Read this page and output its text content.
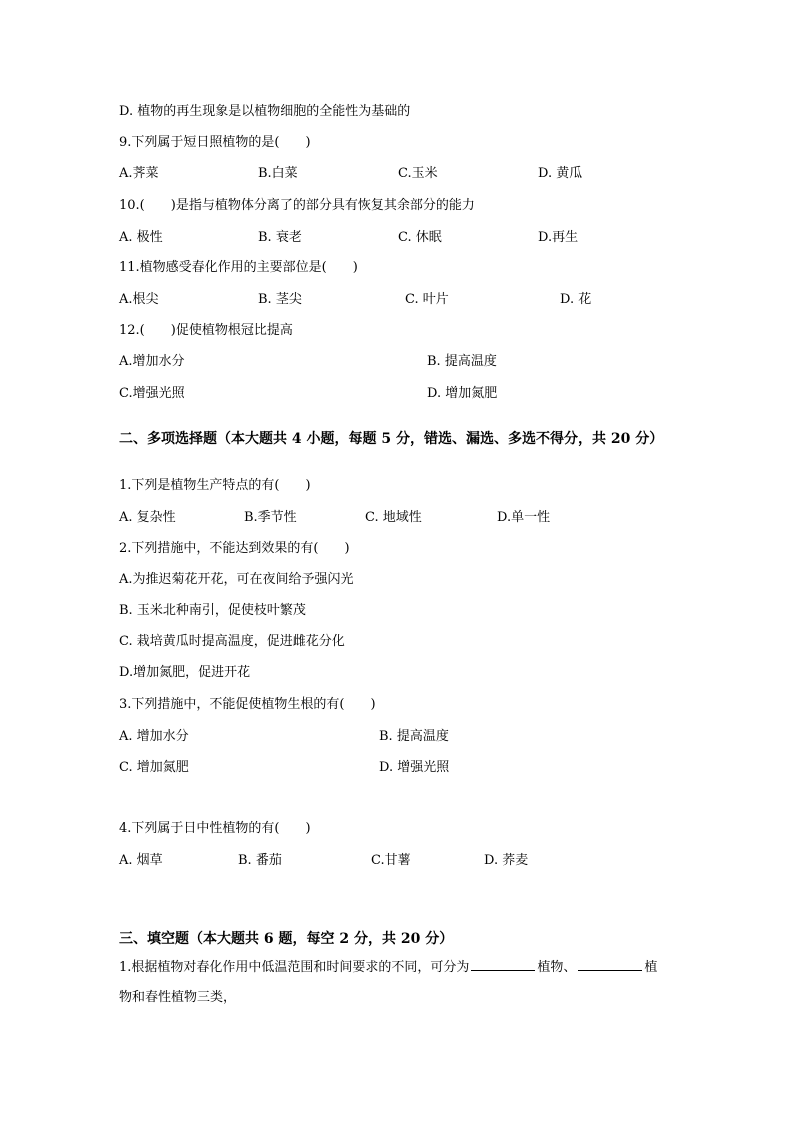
D. 植物的再生现象是以植物细胞的全能性为基础的
9.下列属于短日照植物的是(　　)
A.荠菜	B.白菜	C.玉米	D. 黄瓜
10.(　　)是指与植物体分离了的部分具有恢复其余部分的能力
A. 极性	B. 衰老	C. 休眠	D.再生
11.植物感受春化作用的主要部位是(　　)
A.根尖	B. 茎尖	C. 叶片	D. 花
12.(　　)促使植物根冠比提高
A.增加水分	B. 提高温度
C.增强光照	D. 增加氮肥
二、多项选择题（本大题共 4 小题，每题 5 分，错选、漏选、多选不得分，共 20 分）
1.下列是植物生产特点的有(　　)
A. 复杂性	B.季节性	C. 地域性	D.单一性
2.下列措施中，不能达到效果的有(　　)
A.为推迟菊花开花，可在夜间给予强闪光
B. 玉米北种南引，促使枝叶繁茂
C. 栽培黄瓜时提高温度，促进雌花分化
D.增加氮肥，促进开花
3.下列措施中，不能促使植物生根的有(　　)
A. 增加水分	B. 提高温度
C. 增加氮肥	D. 增强光照
4.下列属于日中性植物的有(　　)
A. 烟草	B. 番茄	C.甘薯	D. 荞麦
三、填空题（本大题共 6 题，每空 2 分，共 20 分）
1.根据植物对春化作用中低温范围和时间要求的不同，可分为	植物、	植
物和春性植物三类，
